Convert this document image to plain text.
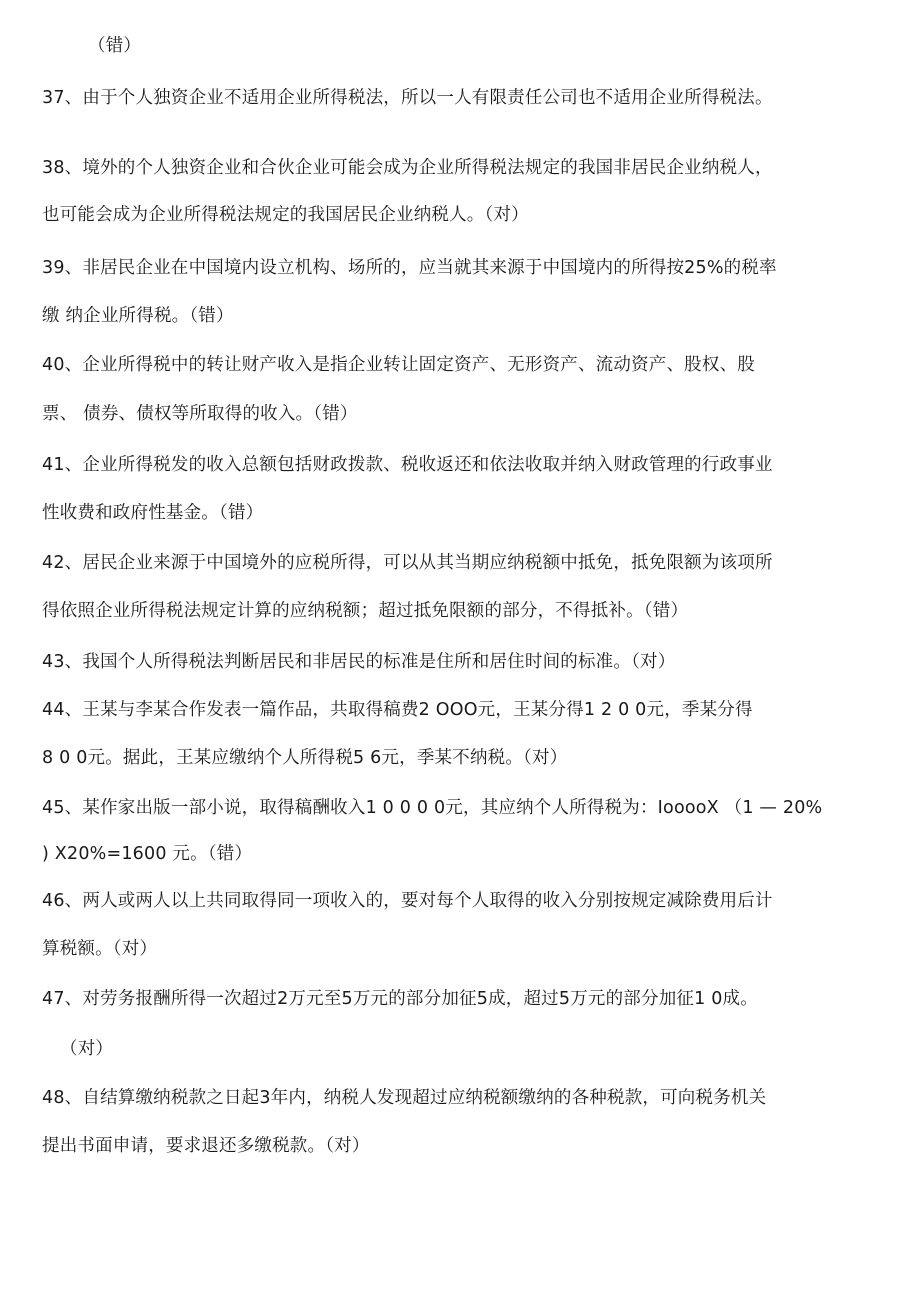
（错）
37、由于个人独资企业不适用企业所得税法，所以一人有限责任公司也不适用企业所得税法。
38、境外的个人独资企业和合伙企业可能会成为企业所得税法规定的我国非居民企业纳税人，
也可能会成为企业所得税法规定的我国居民企业纳税人。（对）
39、非居民企业在中国境内设立机构、场所的，应当就其来源于中国境内的所得按25%的税率
缴 纳企业所得税。（错）
40、企业所得税中的转让财产收入是指企业转让固定资产、无形资产、流动资产、股权、股
票、 债券、债权等所取得的收入。（错）
41、企业所得税发的收入总额包括财政拨款、税收返还和依法收取并纳入财政管理的行政事业
性收费和政府性基金。（错）
42、居民企业来源于中国境外的应税所得，可以从其当期应纳税额中抵免，抵免限额为该项所
得依照企业所得税法规定计算的应纳税额；超过抵免限额的部分，不得抵补。（错）
43、我国个人所得税法判断居民和非居民的标准是住所和居住时间的标准。（对）
44、王某与李某合作发表一篇作品，共取得稿费2 OOO元，王某分得1 2 0 0元，季某分得
8 0 0元。据此，王某应缴纳个人所得税5 6元，季某不纳税。（对）
45、某作家出版一部小说，取得稿酬收入1 0 0 0 0元，其应纳个人所得税为：IooooX （1 — 20%
) X20%=1600 元。（错）
46、两人或两人以上共同取得同一项收入的，要对每个人取得的收入分别按规定减除费用后计
算税额。（对）
47、对劳务报酬所得一次超过2万元至5万元的部分加征5成，超过5万元的部分加征1 0成。
（对）
48、自结算缴纳税款之日起3年内，纳税人发现超过应纳税额缴纳的各种税款，可向税务机关
提出书面申请，要求退还多缴税款。（对）
